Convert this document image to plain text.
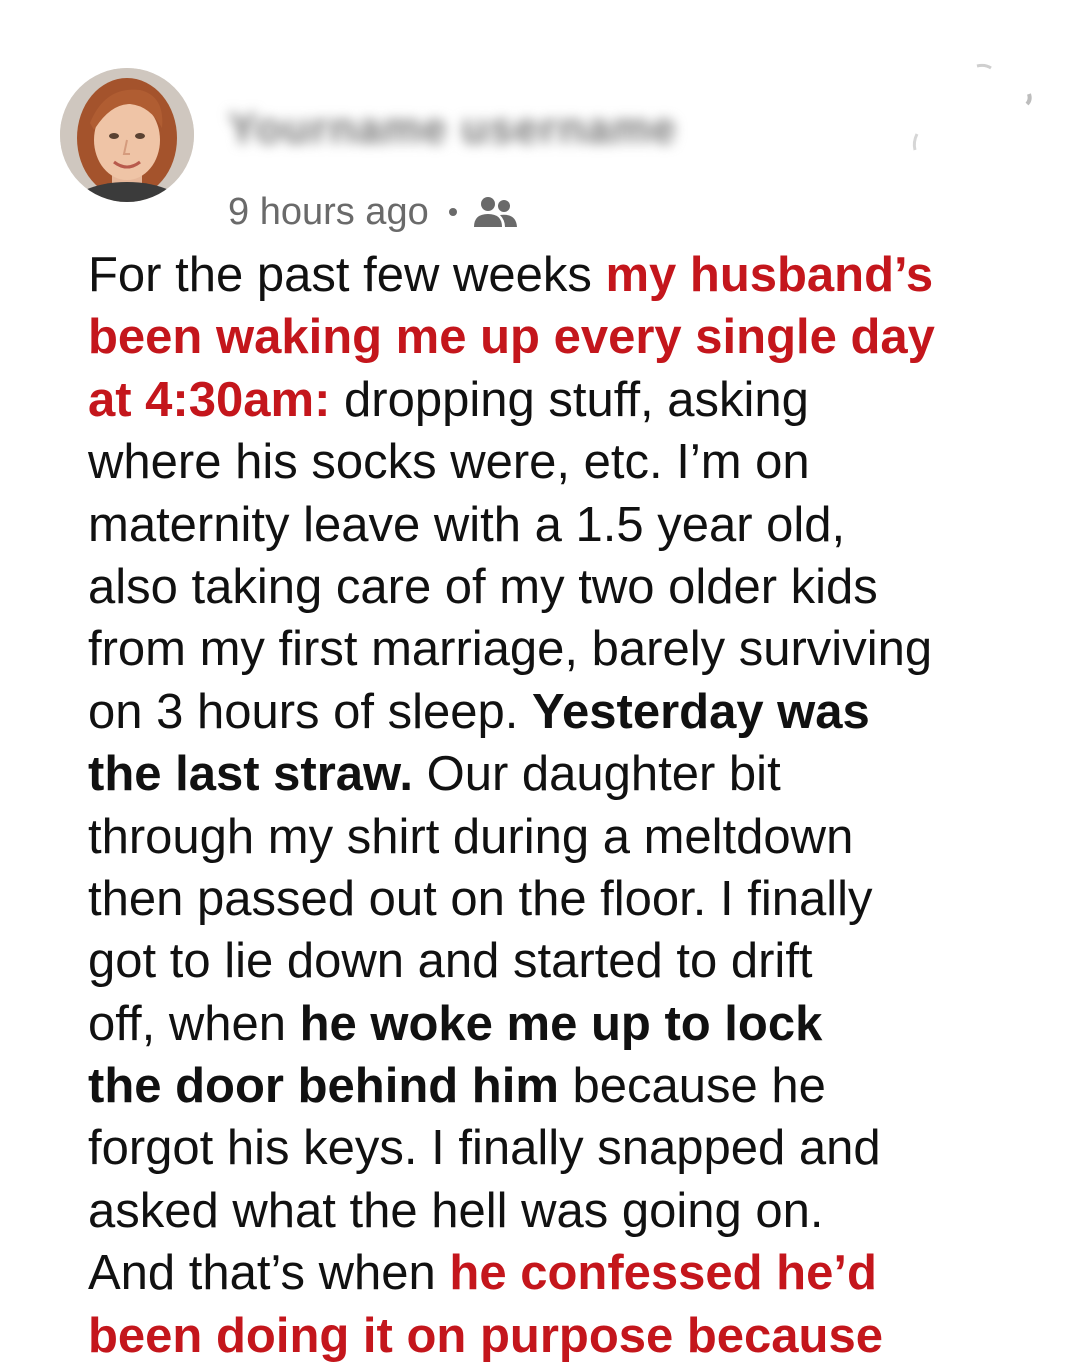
Yourname username
9 hours ago
For the past few weeks my husband’s
been waking me up every single day
at 4:30am: dropping stuff, asking
where his socks were, etc. I’m on
maternity leave with a 1.5 year old,
also taking care of my two older kids
from my first marriage, barely surviving
on 3 hours of sleep. Yesterday was
the last straw. Our daughter bit
through my shirt during a meltdown
then passed out on the floor. I finally
got to lie down and started to drift
off, when he woke me up to lock
the door behind him because he
forgot his keys. I finally snapped and
asked what the hell was going on.
And that’s when he confessed he’d
been doing it on purpose because
